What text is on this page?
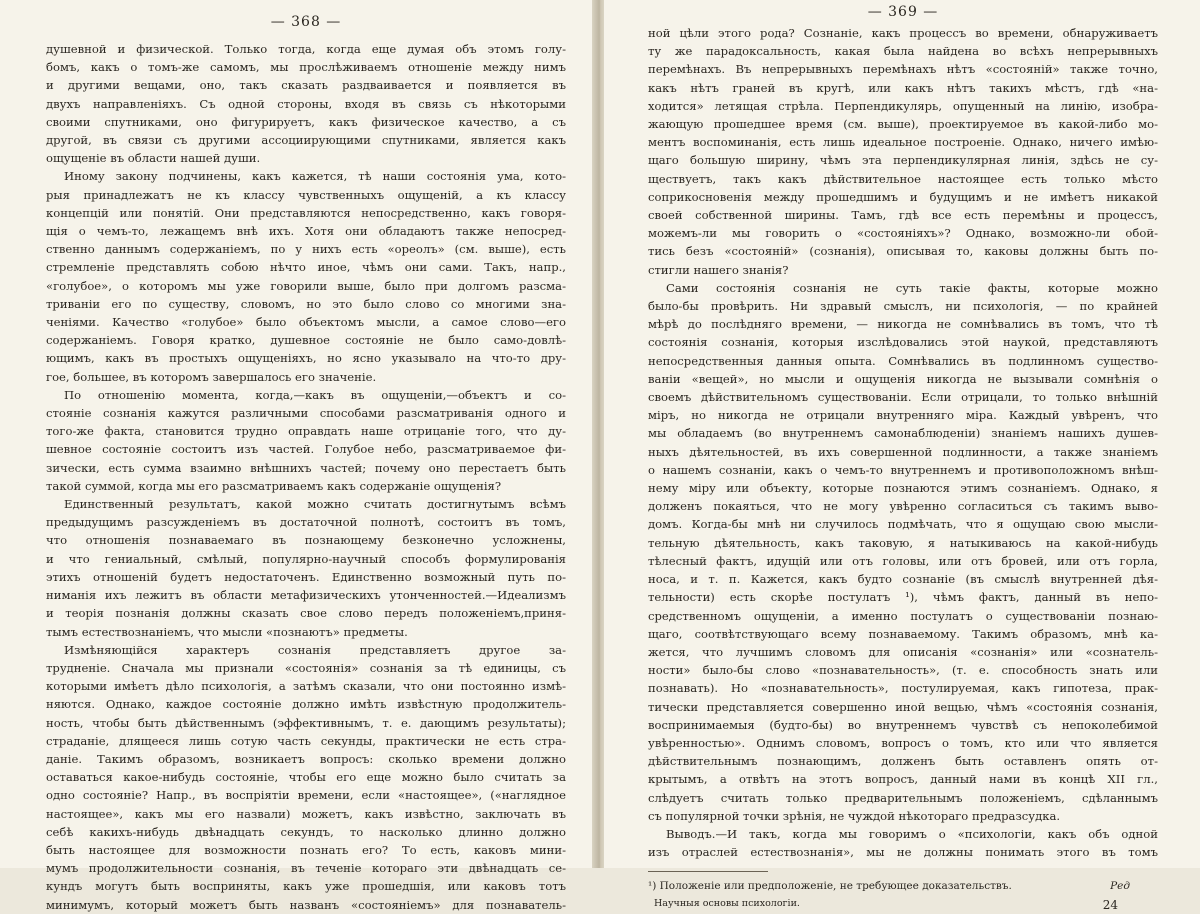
— 368 —
душевной и физической. Только тогда, когда еще думая объ этомъ голу-
бомъ, какъ о томъ-же самомъ, мы прослѣживаемъ отношенiе между нимъ
и другими вещами, оно, такъ сказать раздваивается и появляется въ
двухъ направленiяхъ. Съ одной стороны, входя въ связь съ нѣкоторыми
своими спутниками, оно фигурируетъ, какъ физическое качество, а съ
другой, въ связи съ другими ассоциирующими спутниками, является какъ
ощущенiе въ области нашей души.
Иному закону подчинены, какъ кажется, тѣ наши состоянiя ума, кото-
рыя принадлежатъ не къ классу чувственныхъ ощущенiй, а къ классу
концепцiй или понятiй. Они представляются непосредственно, какъ говоря-
щiя о чемъ-то, лежащемъ внѣ ихъ. Хотя они обладаютъ также непосред-
ственно даннымъ содержанiемъ, по у нихъ есть «ореолъ» (см. выше), есть
стремленiе представлять собою нѣчто иное, чѣмъ они сами. Такъ, напр.,
«голубое», о которомъ мы уже говорили выше, было при долгомъ разсма-
триванiи его по существу, словомъ, но это было слово со многими зна-
ченiями. Качество «голубое» было объектомъ мысли, а самое слово—его
содержанiемъ. Говоря кратко, душевное состоянiе не было само-довлѣ-
ющимъ, какъ въ простыхъ ощущенiяхъ, но ясно указывало на что-то дру-
гое, большее, въ которомъ завершалось его значенiе.
По отношенiю момента, когда,—какъ въ ощущенiи,—объектъ и со-
стоянiе сознанiя кажутся различными способами разсматриванiя одного и
того-же факта, становится трудно оправдать наше отрицанiе того, что ду-
шевное состоянiе состоитъ изъ частей. Голубое небо, разсматриваемое фи-
зически, есть сумма взаимно внѣшнихъ частей; почему оно перестаетъ быть
такой суммой, когда мы его разсматриваемъ какъ содержанiе ощущенiя?
Единственный результатъ, какой можно считать достигнутымъ всѣмъ
предыдущимъ разсужденiемъ въ достаточной полнотѣ, состоитъ въ томъ,
что отношенiя познаваемаго въ познающему безконечно усложнены,
и что гениальный, смѣлый, популярно-научный способъ формулированiя
этихъ отношенiй будетъ недостаточенъ. Единственно возможный путь по-
ниманiя ихъ лежитъ въ области метафизическихъ утонченностей.—Идеализмъ
и теорiя познанiя должны сказать свое слово передъ положенiемъ,приня-
тымъ естествознанiемъ, что мысли «познаютъ» предметы.
Измѣняющiйся характеръ сознанiя представляетъ другое за-
трудненiе. Сначала мы признали «состоянiя» сознанiя за тѣ единицы, съ
которыми имѣетъ дѣло психологiя, а затѣмъ сказали, что они постоянно измѣ-
няются. Однако, каждое состоянiе должно имѣть извѣстную продолжитель-
ность, чтобы быть дѣйственнымъ (эффективнымъ, т. е. дающимъ результаты);
страданiе, длящееся лишь сотую часть секунды, практически не есть стра-
данiе. Такимъ образомъ, возникаетъ вопросъ: сколько времени должно
оставаться какое-нибудь состоянiе, чтобы его еще можно было считать за
одно состоянiе? Напр., въ воспрiятiи времени, если «настоящее», («наглядное
настоящее», какъ мы его назвали) можетъ, какъ извѣстно, заключать въ
себѣ какихъ-нибудь двѣнадцать секундъ, то насколько длинно должно
быть настоящее для возможности познать его? То есть, каковъ мини-
мумъ продолжительности сознанiя, въ теченiе котораго эти двѣнадцать се-
кундъ могутъ быть восприняты, какъ уже прошедшiя, или каковъ тотъ
минимумъ, который можетъ быть названъ «состоянiемъ» для познаватель-
— 369 —
ной цѣли этого рода? Сознанiе, какъ процессъ во времени, обнаруживаетъ
ту же парадоксальность, какая была найдена во всѣхъ непрерывныхъ
перемѣнахъ. Въ непрерывныхъ перемѣнахъ нѣтъ «состоянiй» также точно,
какъ нѣтъ граней въ кругѣ, или какъ нѣтъ такихъ мѣстъ, гдѣ «на-
ходится» летящая стрѣла. Перпендикулярь, опущенный на линiю, изобра-
жающую прошедшее время (см. выше), проектируемое въ какой-либо мо-
ментъ воспоминанiя, есть лишь идеальное построенiе. Однако, ничего имѣю-
щаго большую ширину, чѣмъ эта перпендикулярная линiя, здѣсь не су-
ществуетъ, такъ какъ дѣйствительное настоящее есть только мѣсто
соприкосновенiя между прошедшимъ и будущимъ и не имѣетъ никакой
своей собственной ширины. Тамъ, гдѣ все есть перемѣны и процессъ,
можемъ-ли мы говорить о «состоянiяхъ»? Однако, возможно-ли обой-
тись безъ «состоянiй» (сознанiя), описывая то, каковы должны быть по-
стигли нашего знанiя?
Сами состоянiя сознанiя не суть такiе факты, которые можно
было-бы провѣрить. Ни здравый смыслъ, ни психологiя, — по крайней
мѣрѣ до послѣдняго времени, — никогда не сомнѣвались въ томъ, что тѣ
состоянiя сознанiя, которыя изслѣдовались этой наукой, представляютъ
непосредственныя данныя опыта. Сомнѣвались въ подлинномъ существо-
ванiи «вещей», но мысли и ощущенiя никогда не вызывали сомнѣнiя о
своемъ дѣйствительномъ существованiи. Если отрицали, то только внѣшнiй
мiръ, но никогда не отрицали внутренняго мiра. Каждый увѣренъ, что
мы обладаемъ (во внутреннемъ самонаблюденiи) знанiемъ нашихъ душев-
ныхъ дѣятельностей, въ ихъ совершенной подлинности, а также знанiемъ
о нашемъ сознанiи, какъ о чемъ-то внутреннемъ и противоположномъ внѣш-
нему мiру или объекту, которые познаются этимъ сознанiемъ. Однако, я
долженъ покаяться, что не могу увѣренно согласиться съ такимъ выво-
домъ. Когда-бы мнѣ ни случилось подмѣчать, что я ощущаю свою мысли-
тельную дѣятельность, какъ таковую, я натыкиваюсь на какой-нибудь
тѣлесный фактъ, идущiй или отъ головы, или отъ бровей, или отъ горла,
носа, и т. п. Кажется, какъ будто сознанiе (въ смыслѣ внутренней дѣя-
тельности) есть скорѣе постулатъ ¹), чѣмъ фактъ, данный въ непо-
средственномъ ощущенiи, а именно постулатъ о существованiи познаю-
щаго, соотвѣтствующаго всему познаваемому. Такимъ образомъ, мнѣ ка-
жется, что лучшимъ словомъ для описанiя «сознанiя» или «сознатель-
ности» было-бы слово «познавательность», (т. е. способность знать или
познавать). Но «познавательность», постулируемая, какъ гипотеза, прак-
тически представляется совершенно иной вещью, чѣмъ «состоянiя сознанiя,
воспринимаемыя (будто-бы) во внутреннемъ чувствѣ съ непоколебимой
увѣренностью». Однимъ словомъ, вопросъ о томъ, кто или что является
дѣйствительнымъ познающимъ, долженъ быть оставленъ опять от-
крытымъ, а отвѣтъ на этотъ вопросъ, данный нами въ концѣ XII гл.,
слѣдуетъ считать только предварительнымъ положенiемъ, сдѣланнымъ
съ популярной точки зрѣнiя, не чуждой нѣкотораго предразсудка.
Выводъ.—И такъ, когда мы говоримъ о «психологiи, какъ объ одной
изъ отраслей естествознанiя», мы не должны понимать этого въ томъ
¹) Положенiе или предположенiе, не требующее доказательствъ.	Ред
Научныя основы психологiи.	24
